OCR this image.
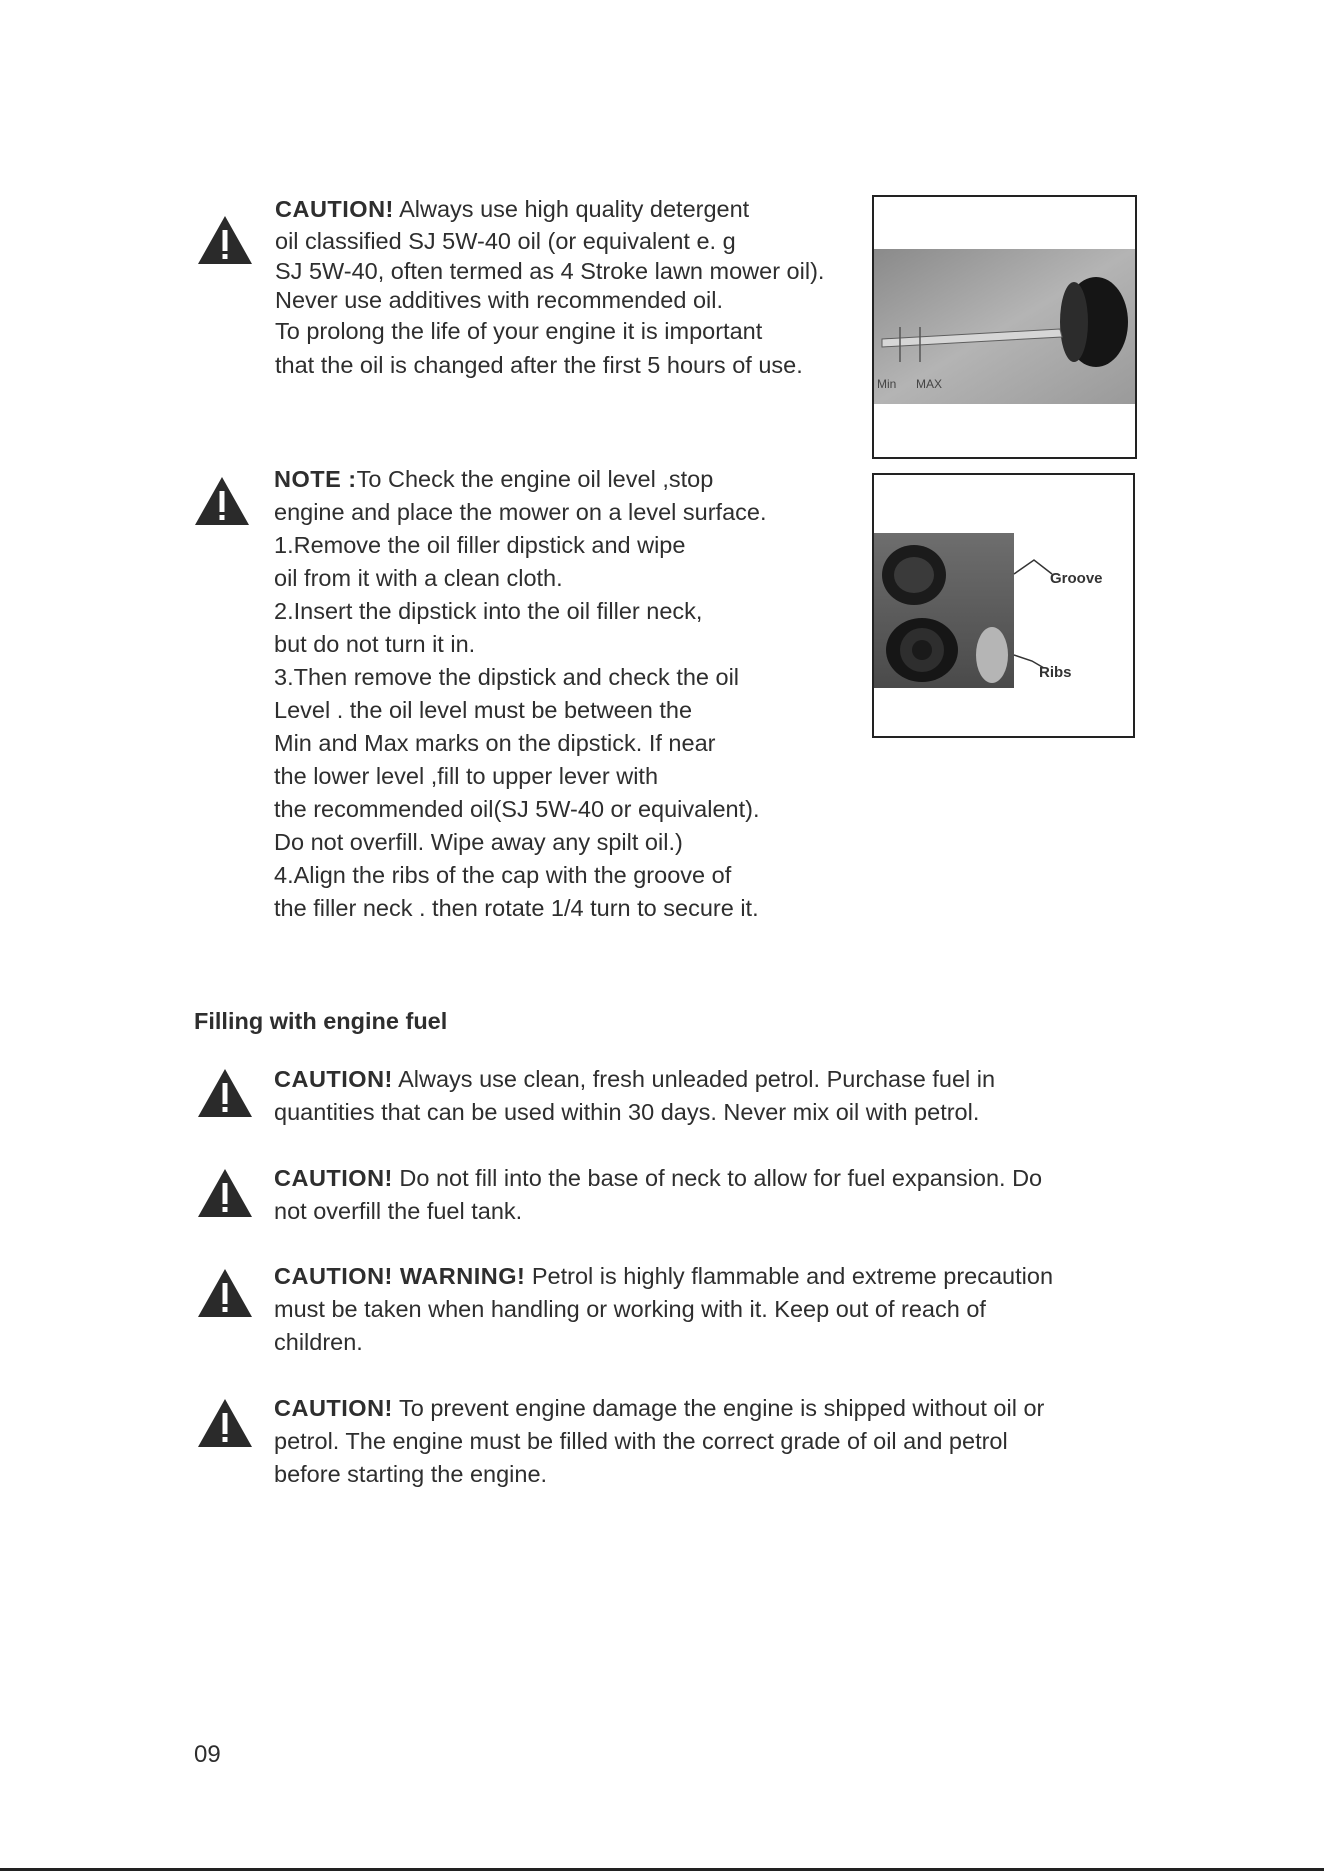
CAUTION! Always use high quality detergent
oil classified SJ 5W-40 oil (or equivalent e. g
SJ 5W-40, often termed as 4 Stroke lawn mower oil).
Never use additives with recommended oil.
To prolong the life of your engine it is important
that the oil is changed after the first 5 hours of use.
Min MAX
NOTE :To Check the engine oil level ,stop
engine and place the mower on a level surface.
1.Remove the oil filler dipstick and wipe
oil from it with a clean cloth.
2.Insert the dipstick into the oil filler neck,
but do not turn it in.
3.Then remove the dipstick and check the oil
Level . the oil level must be between the
Min and Max marks on the dipstick. If near
the lower level ,fill to upper lever with
the recommended oil(SJ 5W-40 or equivalent).
Do not overfill. Wipe away any spilt oil.)
4.Align the ribs of the cap with the groove of
the filler neck . then rotate 1/4 turn to secure it.
Groove
Ribs
Filling with engine fuel
CAUTION! Always use clean, fresh unleaded petrol. Purchase fuel in
quantities that can be used within 30 days. Never mix oil with petrol.
CAUTION! Do not fill into the base of neck to allow for fuel expansion. Do
not overfill the fuel tank.
CAUTION! WARNING! Petrol is highly flammable and extreme precaution
must be taken when handling or working with it. Keep out of reach of
children.
CAUTION! To prevent engine damage the engine is shipped without oil or
petrol. The engine must be filled with the correct grade of oil and petrol
before starting the engine.
09
